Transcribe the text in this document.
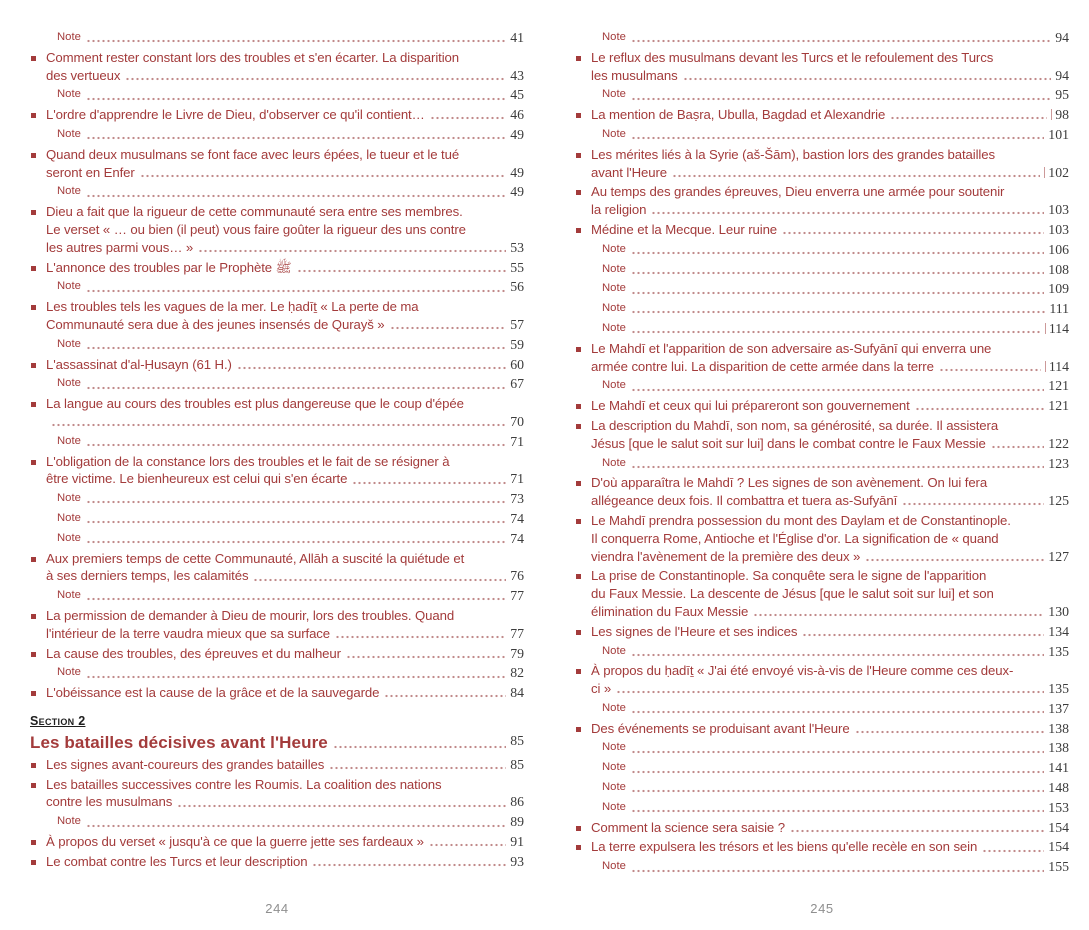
Note	41
Comment rester constant lors des troubles et s'en écarter. La disparition
des vertueux	43
Note	45
L'ordre d'apprendre le Livre de Dieu, d'observer ce qu'il contient…	46
Note	49
Quand deux musulmans se font face avec leurs épées, le tueur et le tué
seront en Enfer	49
Note	49
Dieu a fait que la rigueur de cette communauté sera entre ses membres.
Le verset « … ou bien (il peut) vous faire goûter la rigueur des uns contre
les autres parmi vous… »	53
L'annonce des troubles par le Prophète ﷺ	55
Note	56
Les troubles tels les vagues de la mer. Le ḥadīṯ « La perte de ma
Communauté sera due à des jeunes insensés de Qurayš »	57
Note	59
L'assassinat d'al-Ḥusayn (61 H.)	60
Note	67
La langue au cours des troubles est plus dangereuse que le coup d'épée
70
Note	71
L'obligation de la constance lors des troubles et le fait de se résigner à
être victime. Le bienheureux est celui qui s'en écarte	71
Note	73
Note	74
Note	74
Aux premiers temps de cette Communauté, Allāh a suscité la quiétude et
à ses derniers temps, les calamités	76
Note	77
La permission de demander à Dieu de mourir, lors des troubles. Quand
l'intérieur de la terre vaudra mieux que sa surface	77
La cause des troubles, des épreuves et du malheur	79
Note	82
L'obéissance est la cause de la grâce et de la sauvegarde	84
Section 2
Les batailles décisives avant l'Heure	85
Les signes avant-coureurs des grandes batailles	85
Les batailles successives contre les Roumis. La coalition des nations
contre les musulmans	86
Note	89
À propos du verset « jusqu'à ce que la guerre jette ses fardeaux »	91
Le combat contre les Turcs et leur description	93
Note	94
Le reflux des musulmans devant les Turcs et le refoulement des Turcs
les musulmans	94
Note	95
La mention de Baṣra, Ubulla, Bagdad et Alexandrie	98
Note	101
Les mérites liés à la Syrie (aš-Šām), bastion lors des grandes batailles
avant l'Heure	102
Au temps des grandes épreuves, Dieu enverra une armée pour soutenir
la religion	103
Médine et la Mecque. Leur ruine	103
Note	106
Note	108
Note	109
Note	111
Note	114
Le Mahdī et l'apparition de son adversaire as-Sufyānī qui enverra une
armée contre lui. La disparition de cette armée dans la terre	114
Note	121
Le Mahdī et ceux qui lui prépareront son gouvernement	121
La description du Mahdī, son nom, sa générosité, sa durée. Il assistera
Jésus [que le salut soit sur lui] dans le combat contre le Faux Messie	122
Note	123
D'où apparaîtra le Mahdī ? Les signes de son avènement. On lui fera
allégeance deux fois. Il combattra et tuera as-Sufyānī	125
Le Mahdī prendra possession du mont des Daylam et de Constantinople.
Il conquerra Rome, Antioche et l'Église d'or. La signification de « quand
viendra l'avènement de la première des deux »	127
La prise de Constantinople. Sa conquête sera le signe de l'apparition
du Faux Messie. La descente de Jésus [que le salut soit sur lui] et son
élimination du Faux Messie	130
Les signes de l'Heure et ses indices	134
Note	135
À propos du ḥadīṯ « J'ai été envoyé vis-à-vis de l'Heure comme ces deux-
ci »	135
Note	137
Des événements se produisant avant l'Heure	138
Note	138
Note	141
Note	148
Note	153
Comment la science sera saisie ?	154
La terre expulsera les trésors et les biens qu'elle recèle en son sein	154
Note	155
244	245
